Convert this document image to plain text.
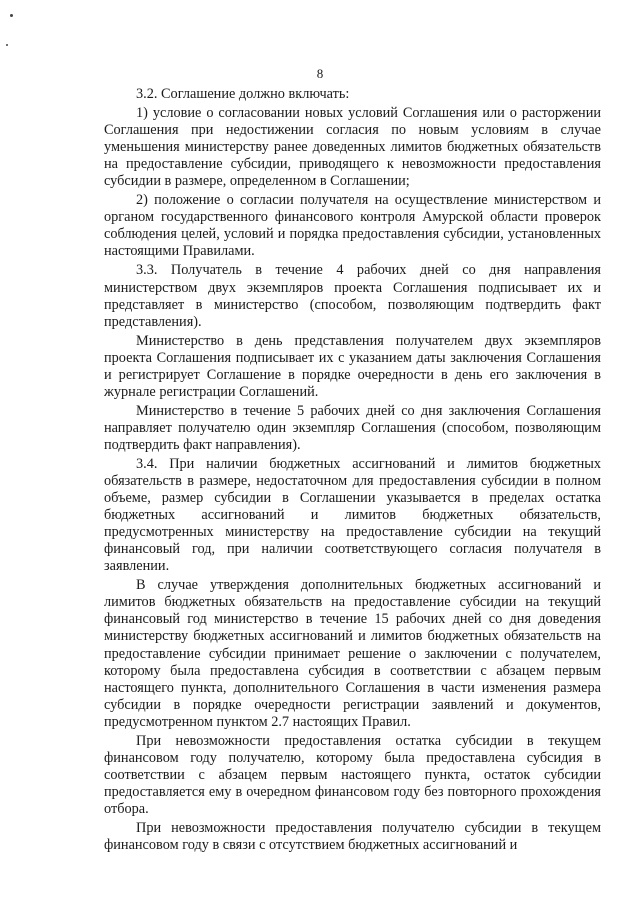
8

3.2. Соглашение должно включать:

1) условие о согласовании новых условий Соглашения или о расторжении Соглашения при недостижении согласия по новым условиям в случае уменьшения министерству ранее доведенных лимитов бюджетных обязательств на предоставление субсидии, приводящего к невозможности предоставления субсидии в размере, определенном в Соглашении;

2) положение о согласии получателя на осуществление министерством и органом государственного финансового контроля Амурской области проверок соблюдения целей, условий и порядка предоставления субсидии, установленных настоящими Правилами.

3.3. Получатель в течение 4 рабочих дней со дня направления министерством двух экземпляров проекта Соглашения подписывает их и представляет в министерство (способом, позволяющим подтвердить факт представления).

Министерство в день представления получателем двух экземпляров проекта Соглашения подписывает их с указанием даты заключения Соглашения и регистрирует Соглашение в порядке очередности в день его заключения в журнале регистрации Соглашений.

Министерство в течение 5 рабочих дней со дня заключения Соглашения направляет получателю один экземпляр Соглашения (способом, позволяющим подтвердить факт направления).

3.4. При наличии бюджетных ассигнований и лимитов бюджетных обязательств в размере, недостаточном для предоставления субсидии в полном объеме, размер субсидии в Соглашении указывается в пределах остатка бюджетных ассигнований и лимитов бюджетных обязательств, предусмотренных министерству на предоставление субсидии на текущий финансовый год, при наличии соответствующего согласия получателя в заявлении.

В случае утверждения дополнительных бюджетных ассигнований и лимитов бюджетных обязательств на предоставление субсидии на текущий финансовый год министерство в течение 15 рабочих дней со дня доведения министерству бюджетных ассигнований и лимитов бюджетных обязательств на предоставление субсидии принимает решение о заключении с получателем, которому была предоставлена субсидия в соответствии с абзацем первым настоящего пункта, дополнительного Соглашения в части изменения размера субсидии в порядке очередности регистрации заявлений и документов, предусмотренном пунктом 2.7 настоящих Правил.

При невозможности предоставления остатка субсидии в текущем финансовом году получателю, которому была предоставлена субсидия в соответствии с абзацем первым настоящего пункта, остаток субсидии предоставляется ему в очередном финансовом году без повторного прохождения отбора.

При невозможности предоставления получателю субсидии в текущем финансовом году в связи с отсутствием бюджетных ассигнований и
